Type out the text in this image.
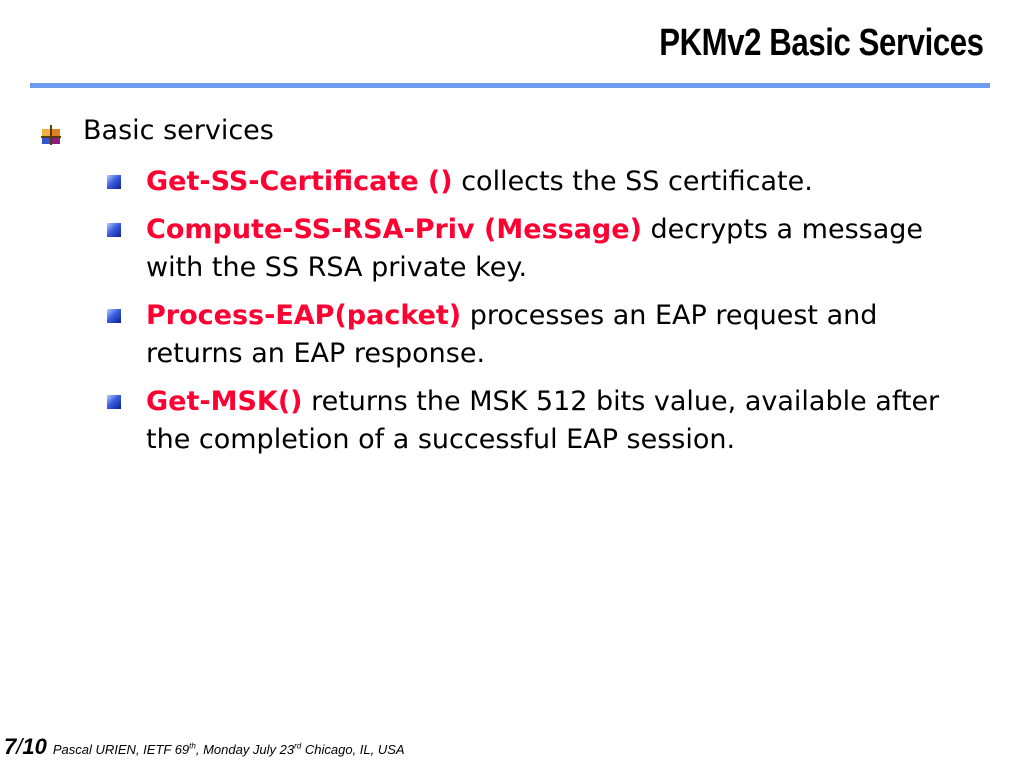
PKMv2 Basic Services
Basic services
Get-SS-Certificate () collects the SS certificate.
Compute-SS-RSA-Priv (Message) decrypts a message with the SS RSA private key.
Process-EAP(packet) processes an EAP request and returns an EAP response.
Get-MSK() returns the MSK 512 bits value, available after the completion of a successful EAP session.
7/10 Pascal URIEN, IETF 69th, Monday July 23rd Chicago, IL, USA
